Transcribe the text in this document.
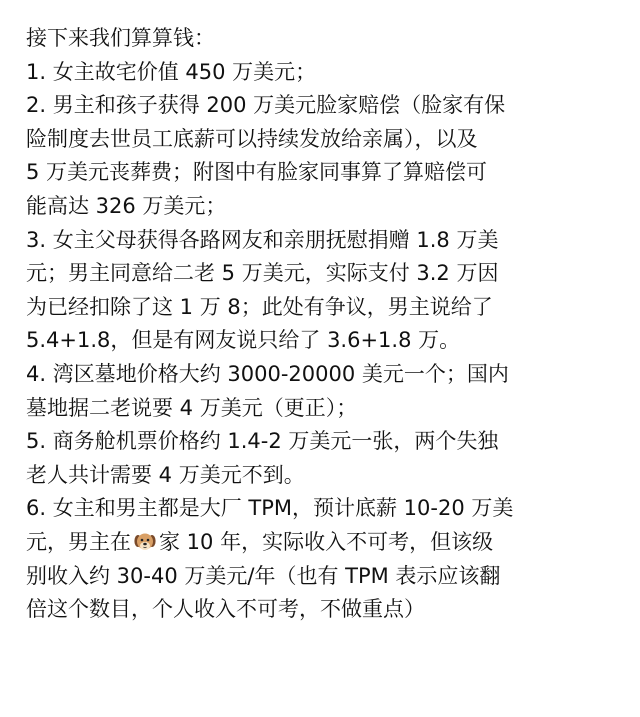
接下来我们算算钱：
1. 女主故宅价值 450 万美元；
2. 男主和孩子获得 200 万美元脸家赔偿（脸家有保
险制度去世员工底薪可以持续发放给亲属），以及
5 万美元丧葬费；附图中有脸家同事算了算赔偿可
能高达 326 万美元；
3. 女主父母获得各路网友和亲朋抚慰捐赠 1.8 万美
元；男主同意给二老 5 万美元，实际支付 3.2 万因
为已经扣除了这 1 万 8；此处有争议，男主说给了
5.4+1.8，但是有网友说只给了 3.6+1.8 万。
4. 湾区墓地价格大约 3000-20000 美元一个；国内
墓地据二老说要 4 万美元（更正）；
5. 商务舱机票价格约 1.4-2 万美元一张，两个失独
老人共计需要 4 万美元不到。
6. 女主和男主都是大厂 TPM，预计底薪 10-20 万美
元，男主在 家 10 年，实际收入不可考，但该级
别收入约 30-40 万美元/年（也有 TPM 表示应该翻
倍这个数目，个人收入不可考，不做重点）
